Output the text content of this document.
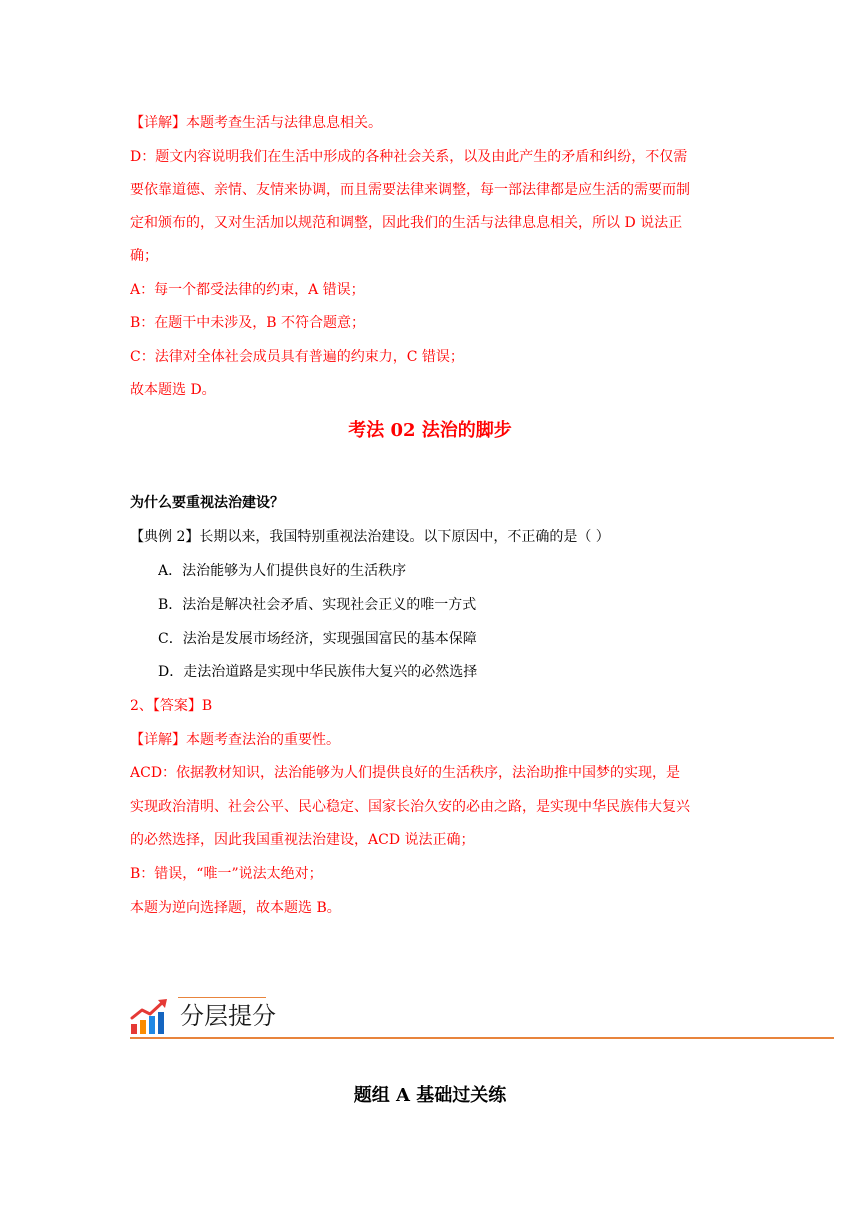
【详解】本题考查生活与法律息息相关。
D：题文内容说明我们在生活中形成的各种社会关系，以及由此产生的矛盾和纠纷，不仅需
要依靠道德、亲情、友情来协调，而且需要法律来调整，每一部法律都是应生活的需要而制
定和颁布的，又对生活加以规范和调整，因此我们的生活与法律息息相关，所以 D 说法正
确；
A：每一个都受法律的约束，A 错误；
B：在题干中未涉及，B 不符合题意；
C：法律对全体社会成员具有普遍的约束力，C 错误；
故本题选 D。
考法 02 法治的脚步
为什么要重视法治建设？
【典例 2】长期以来，我国特别重视法治建设。以下原因中，不正确的是（ ）
A．法治能够为人们提供良好的生活秩序
B．法治是解决社会矛盾、实现社会正义的唯一方式
C．法治是发展市场经济，实现强国富民的基本保障
D．走法治道路是实现中华民族伟大复兴的必然选择
2、【答案】B
【详解】本题考查法治的重要性。
ACD：依据教材知识，法治能够为人们提供良好的生活秩序，法治助推中国梦的实现，是
实现政治清明、社会公平、民心稳定、国家长治久安的必由之路，是实现中华民族伟大复兴
的必然选择，因此我国重视法治建设，ACD 说法正确；
B：错误，“唯一”说法太绝对；
本题为逆向选择题，故本题选 B。
分层提分
题组 A 基础过关练
